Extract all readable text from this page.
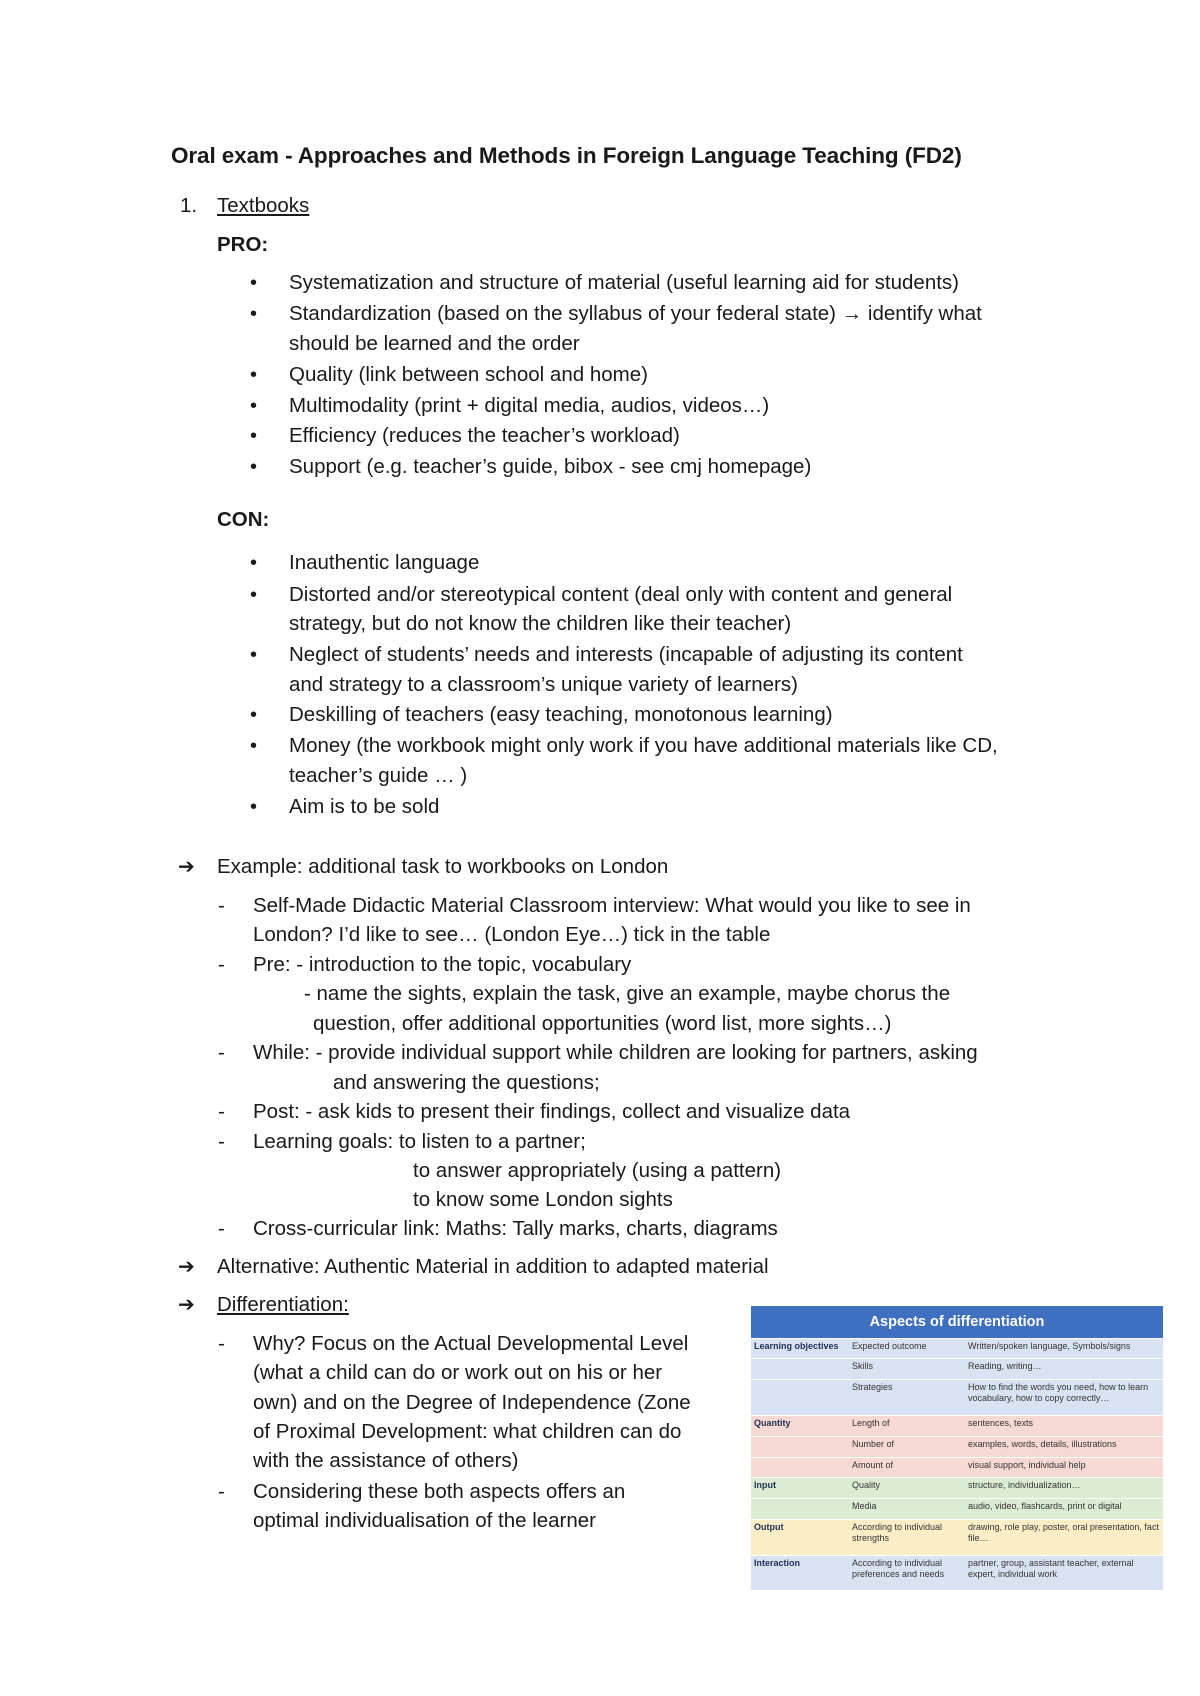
Oral exam - Approaches and Methods in Foreign Language Teaching (FD2)
1. Textbooks
PRO:
• Systematization and structure of material (useful learning aid for students)
• Standardization (based on the syllabus of your federal state) → identify what
should be learned and the order
• Quality (link between school and home)
• Multimodality (print + digital media, audios, videos…)
• Efficiency (reduces the teacher’s workload)
• Support (e.g. teacher’s guide, bibox - see cmj homepage)
CON:
• Inauthentic language
• Distorted and/or stereotypical content (deal only with content and general
strategy, but do not know the children like their teacher)
• Neglect of students’ needs and interests (incapable of adjusting its content
and strategy to a classroom’s unique variety of learners)
• Deskilling of teachers (easy teaching, monotonous learning)
• Money (the workbook might only work if you have additional materials like CD,
teacher’s guide … )
• Aim is to be sold
➔ Example: additional task to workbooks on London
- Self-Made Didactic Material Classroom interview: What would you like to see in
London? I’d like to see… (London Eye…) tick in the table
- Pre: - introduction to the topic, vocabulary
- name the sights, explain the task, give an example, maybe chorus the
question, offer additional opportunities (word list, more sights…)
- While: - provide individual support while children are looking for partners, asking
and answering the questions;
- Post: - ask kids to present their findings, collect and visualize data
- Learning goals: to listen to a partner;
to answer appropriately (using a pattern)
to know some London sights
- Cross-curricular link: Maths: Tally marks, charts, diagrams
➔ Alternative: Authentic Material in addition to adapted material
➔ Differentiation:
- Why? Focus on the Actual Developmental Level
(what a child can do or work out on his or her
own) and on the Degree of Independence (Zone
of Proximal Development: what children can do
with the assistance of others)
- Considering these both aspects offers an
optimal individualisation of the learner
Aspects of differentiation		
Learning objectives	Expected outcome	Written/spoken language, Symbols/signs
	Skills	Reading, writing…
	Strategies	How to find the words you need, how to learn vocabulary, how to copy correctly…
Quantity	Length of	sentences, texts
	Number of	examples, words, details, illustrations
	Amount of	visual support, individual help
Input	Quality	structure, individualization…
	Media	audio, video, flashcards, print or digital
Output	According to individual strengths	drawing, role play, poster, oral presentation, fact file…
Interaction	According to individual preferences and needs	partner, group, assistant teacher, external expert, individual work
